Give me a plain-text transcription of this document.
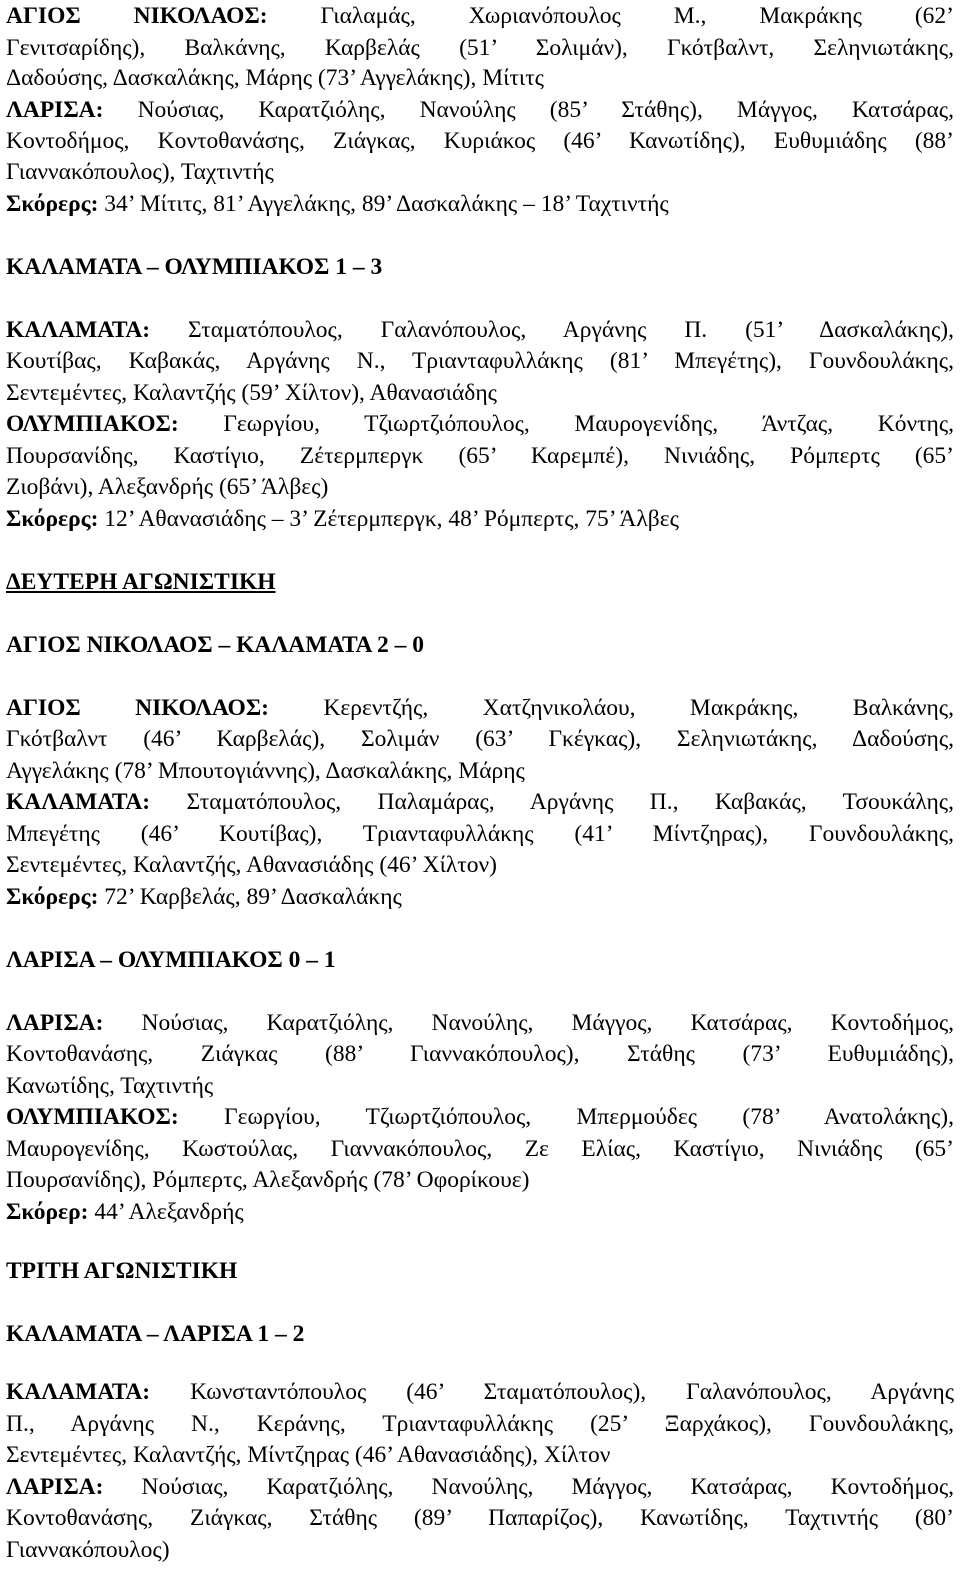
ΑΓΙΟΣ ΝΙΚΟΛΑΟΣ: Γιαλαμάς, Χωριανόπουλος Μ., Μακράκης (62’
Γενιτσαρίδης), Βαλκάνης, Καρβελάς (51’ Σολιμάν), Γκότβαλντ, Σεληνιωτάκης,
Δαδούσης, Δασκαλάκης, Μάρης (73’ Αγγελάκης), Μίτιτς
ΛΑΡΙΣΑ: Νούσιας, Καρατζιόλης, Νανούλης (85’ Στάθης), Μάγγος, Κατσάρας,
Κοντοδήμος, Κοντοθανάσης, Ζιάγκας, Κυριάκος (46’ Κανωτίδης), Ευθυμιάδης (88’
Γιαννακόπουλος), Ταχτιντής
Σκόρερς: 34’ Μίτιτς, 81’ Αγγελάκης, 89’ Δασκαλάκης – 18’ Ταχτιντής
ΚΑΛΑΜΑΤΑ – ΟΛΥΜΠΙΑΚΟΣ 1 – 3
ΚΑΛΑΜΑΤΑ: Σταματόπουλος, Γαλανόπουλος, Αργάνης Π. (51’ Δασκαλάκης),
Κουτίβας, Καβακάς, Αργάνης Ν., Τριανταφυλλάκης (81’ Μπεγέτης), Γουνδουλάκης,
Σεντεμέντες, Καλαντζής (59’ Χίλτον), Αθανασιάδης
ΟΛΥΜΠΙΑΚΟΣ: Γεωργίου, Τζιωρτζιόπουλος, Μαυρογενίδης, Άντζας, Κόντης,
Πουρσανίδης, Καστίγιο, Ζέτερμπεργκ (65’ Καρεμπέ), Νινιάδης, Ρόμπερτς (65’
Ζιοβάνι), Αλεξανδρής (65’ Άλβες)
Σκόρερς: 12’ Αθανασιάδης – 3’ Ζέτερμπεργκ, 48’ Ρόμπερτς, 75’ Άλβες
ΔΕΥΤΕΡΗ ΑΓΩΝΙΣΤΙΚΗ
ΑΓΙΟΣ ΝΙΚΟΛΑΟΣ – ΚΑΛΑΜΑΤΑ 2 – 0
ΑΓΙΟΣ ΝΙΚΟΛΑΟΣ: Κερεντζής, Χατζηνικολάου, Μακράκης, Βαλκάνης,
Γκότβαλντ (46’ Καρβελάς), Σολιμάν (63’ Γκέγκας), Σεληνιωτάκης, Δαδούσης,
Αγγελάκης (78’ Μπουτογιάννης), Δασκαλάκης, Μάρης
ΚΑΛΑΜΑΤΑ: Σταματόπουλος, Παλαμάρας, Αργάνης Π., Καβακάς, Τσουκάλης,
Μπεγέτης (46’ Κουτίβας), Τριανταφυλλάκης (41’ Μίντζηρας), Γουνδουλάκης,
Σεντεμέντες, Καλαντζής, Αθανασιάδης (46’ Χίλτον)
Σκόρερς: 72’ Καρβελάς, 89’ Δασκαλάκης
ΛΑΡΙΣΑ – ΟΛΥΜΠΙΑΚΟΣ 0 – 1
ΛΑΡΙΣΑ: Νούσιας, Καρατζιόλης, Νανούλης, Μάγγος, Κατσάρας, Κοντοδήμος,
Κοντοθανάσης, Ζιάγκας (88’ Γιαννακόπουλος), Στάθης (73’ Ευθυμιάδης),
Κανωτίδης, Ταχτιντής
ΟΛΥΜΠΙΑΚΟΣ: Γεωργίου, Τζιωρτζιόπουλος, Μπερμούδες (78’ Ανατολάκης),
Μαυρογενίδης, Κωστούλας, Γιαννακόπουλος, Ζε Ελίας, Καστίγιο, Νινιάδης (65’
Πουρσανίδης), Ρόμπερτς, Αλεξανδρής (78’ Οφορίκουε)
Σκόρερ: 44’ Αλεξανδρής
ΤΡΙΤΗ ΑΓΩΝΙΣΤΙΚΗ
ΚΑΛΑΜΑΤΑ – ΛΑΡΙΣΑ 1 – 2
ΚΑΛΑΜΑΤΑ: Κωνσταντόπουλος (46’ Σταματόπουλος), Γαλανόπουλος, Αργάνης
Π., Αργάνης Ν., Κεράνης, Τριανταφυλλάκης (25’ Ξαρχάκος), Γουνδουλάκης,
Σεντεμέντες, Καλαντζής, Μίντζηρας (46’ Αθανασιάδης), Χίλτον
ΛΑΡΙΣΑ: Νούσιας, Καρατζιόλης, Νανούλης, Μάγγος, Κατσάρας, Κοντοδήμος,
Κοντοθανάσης, Ζιάγκας, Στάθης (89’ Παπαρίζος), Κανωτίδης, Ταχτιντής (80’
Γιαννακόπουλος)
